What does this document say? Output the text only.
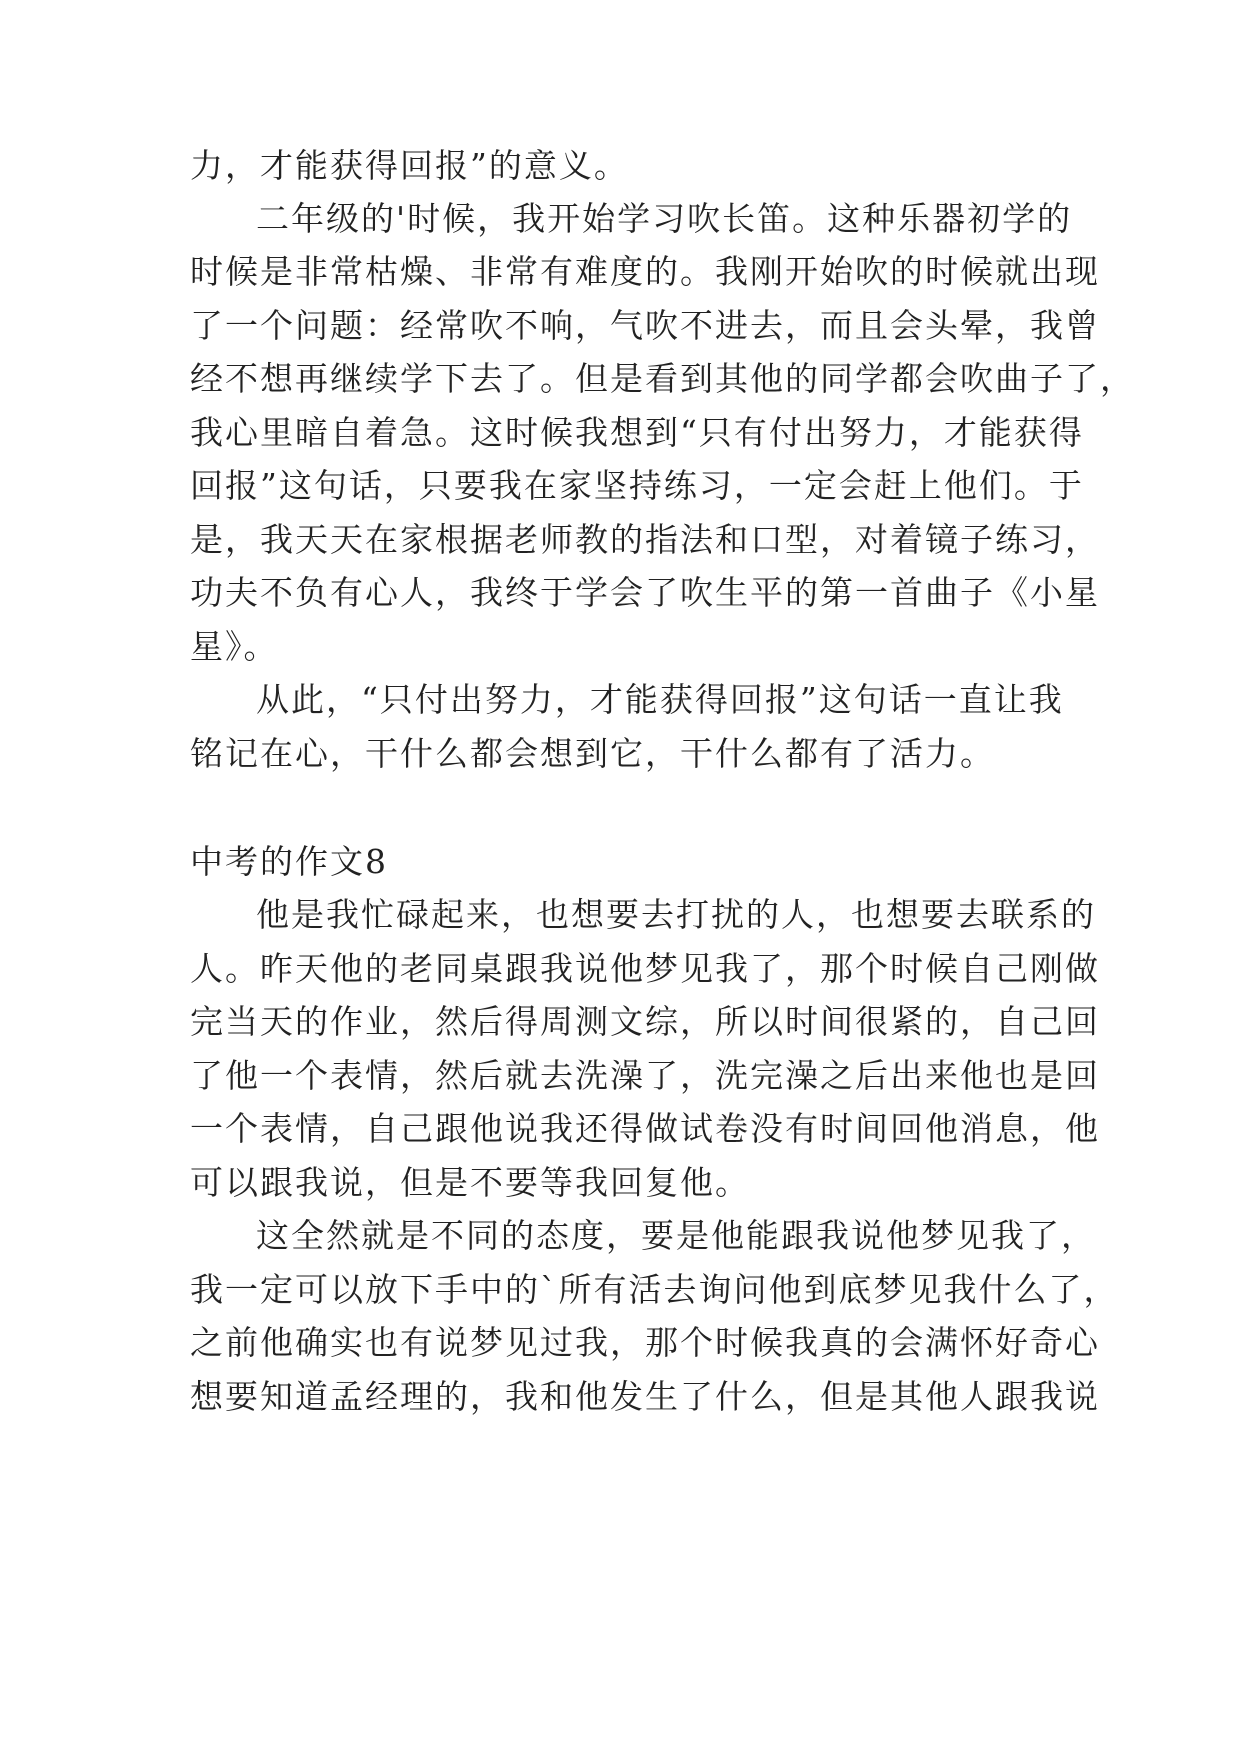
力，才能获得回报”的意义。
二年级的'时候，我开始学习吹长笛。这种乐器初学的
时候是非常枯燥、非常有难度的。我刚开始吹的时候就出现
了一个问题：经常吹不响，气吹不进去，而且会头晕，我曾
经不想再继续学下去了。但是看到其他的同学都会吹曲子了，
我心里暗自着急。这时候我想到“只有付出努力，才能获得
回报”这句话，只要我在家坚持练习，一定会赶上他们。于
是，我天天在家根据老师教的指法和口型，对着镜子练习，
功夫不负有心人，我终于学会了吹生平的第一首曲子《小星
星》。
从此，“只付出努力，才能获得回报”这句话一直让我
铭记在心，干什么都会想到它，干什么都有了活力。
中考的作文8
他是我忙碌起来，也想要去打扰的人，也想要去联系的
人。昨天他的老同桌跟我说他梦见我了，那个时候自己刚做
完当天的作业，然后得周测文综，所以时间很紧的，自己回
了他一个表情，然后就去洗澡了，洗完澡之后出来他也是回
一个表情，自己跟他说我还得做试卷没有时间回他消息，他
可以跟我说，但是不要等我回复他。
这全然就是不同的态度，要是他能跟我说他梦见我了，
我一定可以放下手中的`所有活去询问他到底梦见我什么了，
之前他确实也有说梦见过我，那个时候我真的会满怀好奇心
想要知道孟经理的，我和他发生了什么，但是其他人跟我说
